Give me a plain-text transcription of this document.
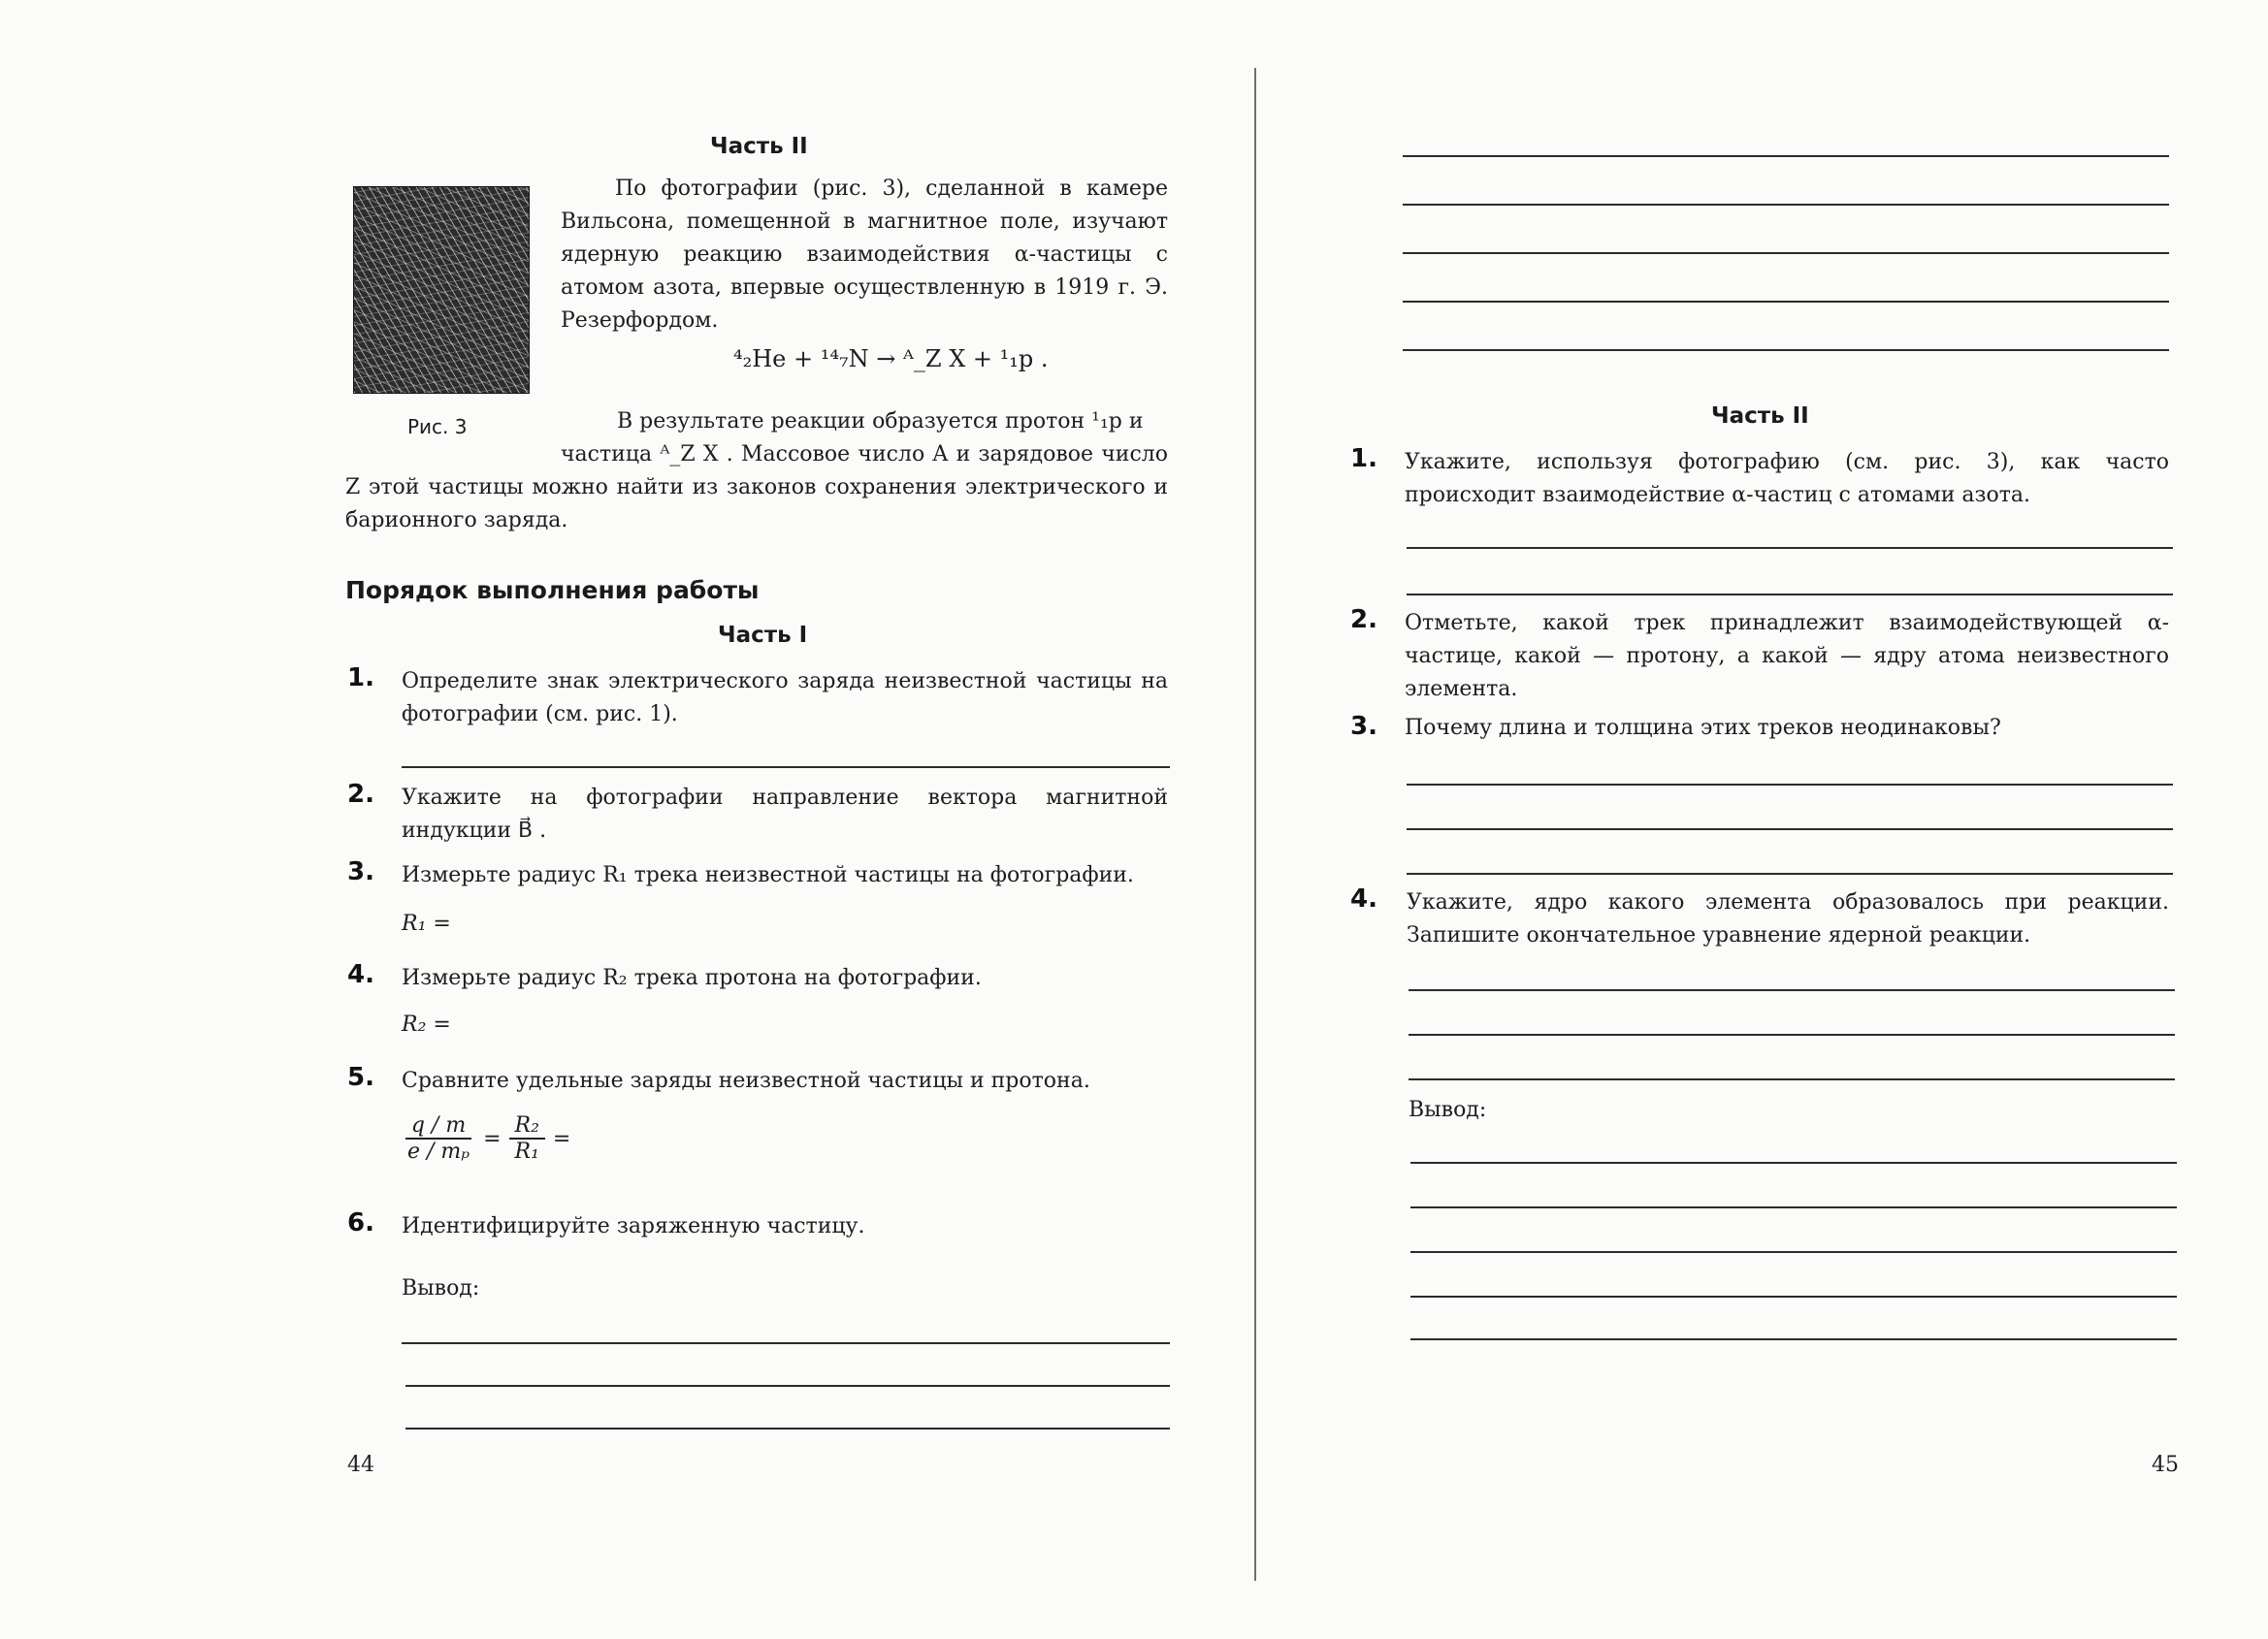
Часть II
По фотографии (рис. 3), сделанной в камере Вильсона, помещенной в магнитное поле, изучают ядерную реакцию взаимодействия α-частицы с атомом азота, впервые осуществленную в 1919 г. Э. Резерфордом.
⁴₂He + ¹⁴₇N → ᴬ_Z X + ¹₁p .
Рис. 3	В результате реакции образуется протон ¹₁p и
частица ᴬ_Z X . Массовое число A и зарядовое число Z этой частицы можно найти из законов сохранения электрического и барионного заряда.
Порядок выполнения работы
Часть I
1. Определите знак электрического заряда неизвестной частицы на фотографии (см. рис. 1).
2. Укажите на фотографии направление вектора магнитной индукции B⃗ .
3. Измерьте радиус R₁ трека неизвестной частицы на фотографии.
R₁ =
4. Измерьте радиус R₂ трека протона на фотографии.
R₂ =
5. Сравните удельные заряды неизвестной частицы и протона.
$\frac{q / m}{\text{e / mₚ}} = \frac{\text{R₂}}{\text{R₁}}$ =
6. Идентифицируйте заряженную частицу.
Вывод:
44
Часть II
1. Укажите, используя фотографию (см. рис. 3), как часто происходит взаимодействие α-частиц с атомами азота.
2. Отметьте, какой трек принадлежит взаимодействующей α-частице, какой — протону, а какой — ядру атома неизвестного элемента.
3. Почему длина и толщина этих треков неодинаковы?
4. Укажите, ядро какого элемента образовалось при реакции. Запишите окончательное уравнение ядерной реакции.
Вывод:
45
